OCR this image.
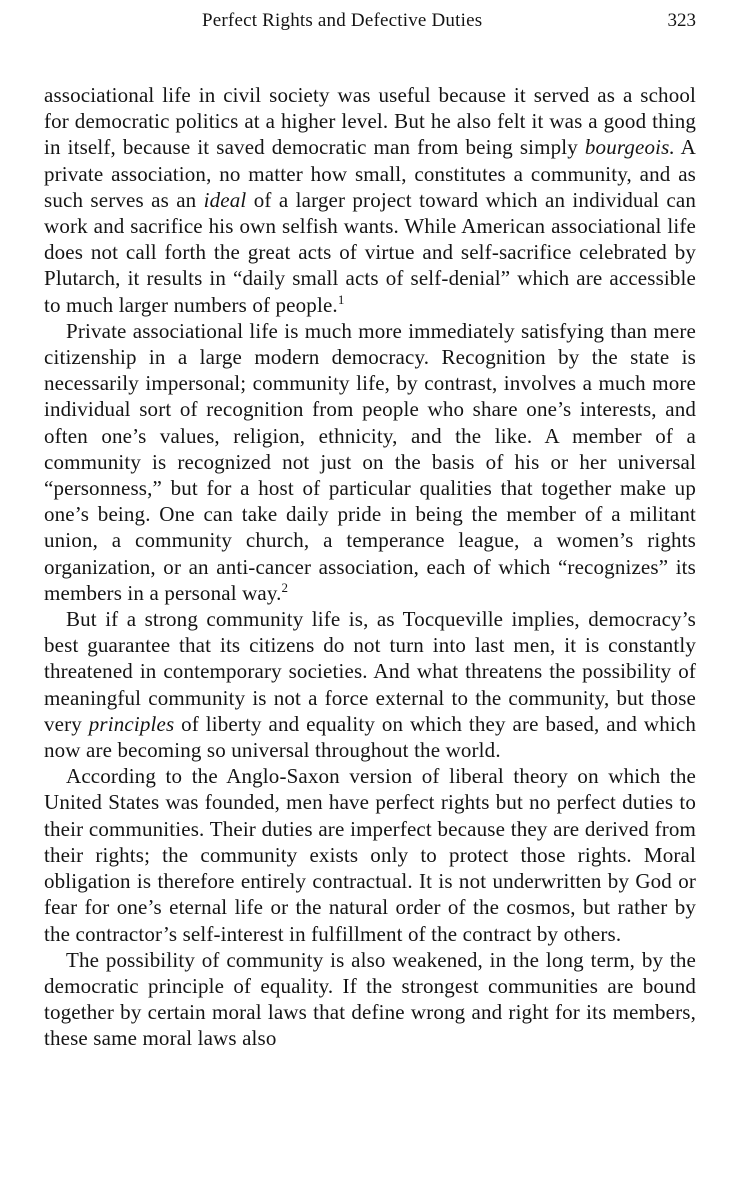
Perfect Rights and Defective Duties	323

associational life in civil society was useful because it served as a school for democratic politics at a higher level. But he also felt it was a good thing in itself, because it saved democratic man from being simply bourgeois. A private association, no matter how small, constitutes a community, and as such serves as an ideal of a larger project toward which an individual can work and sacrifice his own selfish wants. While American associational life does not call forth the great acts of virtue and self-sacrifice celebrated by Plutarch, it results in “daily small acts of self-denial” which are accessible to much larger numbers of people.$^1$

Private associational life is much more immediately satisfying than mere citizenship in a large modern democracy. Recognition by the state is necessarily impersonal; community life, by contrast, involves a much more individual sort of recognition from people who share one’s interests, and often one’s values, religion, ethnicity, and the like. A member of a community is recognized not just on the basis of his or her universal “personness,” but for a host of particular qualities that together make up one’s being. One can take daily pride in being the member of a militant union, a community church, a temperance league, a women’s rights organization, or an anti-cancer association, each of which “recognizes” its members in a personal way.$^2$

But if a strong community life is, as Tocqueville implies, democracy’s best guarantee that its citizens do not turn into last men, it is constantly threatened in contemporary societies. And what threatens the possibility of meaningful community is not a force external to the community, but those very principles of liberty and equality on which they are based, and which now are becoming so universal throughout the world.

According to the Anglo-Saxon version of liberal theory on which the United States was founded, men have perfect rights but no perfect duties to their communities. Their duties are imperfect because they are derived from their rights; the community exists only to protect those rights. Moral obligation is therefore entirely contractual. It is not underwritten by God or fear for one’s eternal life or the natural order of the cosmos, but rather by the contractor’s self-interest in fulfillment of the contract by others.

The possibility of community is also weakened, in the long term, by the democratic principle of equality. If the strongest communities are bound together by certain moral laws that define wrong and right for its members, these same moral laws also
